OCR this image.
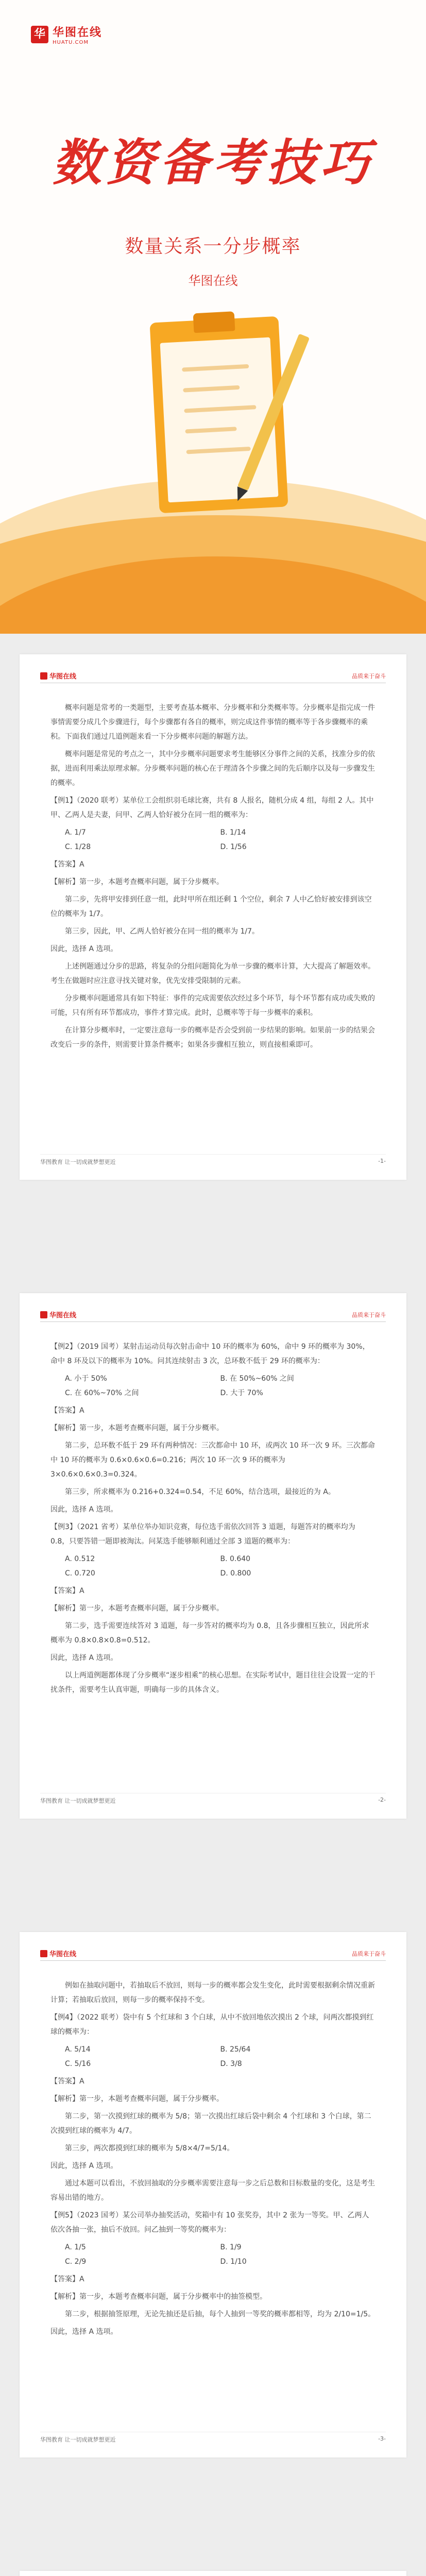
华 华图在线
HUATU.COM
数资备考技巧
数量关系一分步概率
华图在线
华图在线	品质来于奋斗

概率问题是常考的一类题型，主要考查基本概率、分步概率和分类概率等。分步概率是指完成一件事情需要分成几个步骤进行，每个步骤都有各自的概率，则完成这件事情的概率等于各步骤概率的乘积。下面我们通过几道例题来看一下分步概率问题的解题方法。

概率问题是常见的考点之一，其中分步概率问题要求考生能够区分事件之间的关系，找准分步的依据，进而利用乘法原理求解。分步概率问题的核心在于理清各个步骤之间的先后顺序以及每一步骤发生的概率。

【例1】（2020 联考）某单位工会组织羽毛球比赛，共有 8 人报名，随机分成 4 组，每组 2 人。其中甲、乙两人是夫妻，问甲、乙两人恰好被分在同一组的概率为：

A. 1/7	B. 1/14
C. 1/28	D. 1/56

【答案】A

【解析】第一步，本题考查概率问题，属于分步概率。

第二步，先将甲安排到任意一组，此时甲所在组还剩 1 个空位，剩余 7 人中乙恰好被安排到该空位的概率为 1/7。

第三步，因此，甲、乙两人恰好被分在同一组的概率为 1/7。

因此，选择 A 选项。

上述例题通过分步的思路，将复杂的分组问题简化为单一步骤的概率计算，大大提高了解题效率。考生在做题时应注意寻找关键对象，优先安排受限制的元素。

分步概率问题通常具有如下特征：事件的完成需要依次经过多个环节，每个环节都有成功或失败的可能，只有所有环节都成功，事件才算完成。此时，总概率等于每一步概率的乘积。

在计算分步概率时，一定要注意每一步的概率是否会受到前一步结果的影响。如果前一步的结果会改变后一步的条件，则需要计算条件概率；如果各步骤相互独立，则直接相乘即可。

华图教育 让一切成就梦想更近	-1-
华图在线	品质来于奋斗

【例2】（2019 国考）某射击运动员每次射击命中 10 环的概率为 60%，命中 9 环的概率为 30%，命中 8 环及以下的概率为 10%。问其连续射击 3 次，总环数不低于 29 环的概率为：

A. 小于 50%	B. 在 50%~60% 之间
C. 在 60%~70% 之间	D. 大于 70%

【答案】A

【解析】第一步，本题考查概率问题，属于分步概率。

第二步，总环数不低于 29 环有两种情况：三次都命中 10 环，或两次 10 环一次 9 环。三次都命中 10 环的概率为 0.6×0.6×0.6=0.216；两次 10 环一次 9 环的概率为 3×0.6×0.6×0.3=0.324。

第三步，所求概率为 0.216+0.324=0.54，不足 60%，结合选项，最接近的为 A。

因此，选择 A 选项。

【例3】（2021 省考）某单位举办知识竞赛，每位选手需依次回答 3 道题，每题答对的概率均为 0.8，只要答错一题即被淘汰。问某选手能够顺利通过全部 3 道题的概率为：

A. 0.512	B. 0.640
C. 0.720	D. 0.800

【答案】A

【解析】第一步，本题考查概率问题，属于分步概率。

第二步，选手需要连续答对 3 道题，每一步答对的概率均为 0.8，且各步骤相互独立，因此所求概率为 0.8×0.8×0.8=0.512。

因此，选择 A 选项。

以上两道例题都体现了分步概率“逐步相乘”的核心思想。在实际考试中，题目往往会设置一定的干扰条件，需要考生认真审题，明确每一步的具体含义。

华图教育 让一切成就梦想更近	-2-
华图在线	品质来于奋斗

例如在抽取问题中，若抽取后不放回，则每一步的概率都会发生变化，此时需要根据剩余情况重新计算；若抽取后放回，则每一步的概率保持不变。

【例4】（2022 联考）袋中有 5 个红球和 3 个白球，从中不放回地依次摸出 2 个球，问两次都摸到红球的概率为：

A. 5/14	B. 25/64
C. 5/16	D. 3/8

【答案】A

【解析】第一步，本题考查概率问题，属于分步概率。

第二步，第一次摸到红球的概率为 5/8；第一次摸出红球后袋中剩余 4 个红球和 3 个白球，第二次摸到红球的概率为 4/7。

第三步，两次都摸到红球的概率为 5/8×4/7=5/14。

因此，选择 A 选项。

通过本题可以看出，不放回抽取的分步概率需要注意每一步之后总数和目标数量的变化，这是考生容易出错的地方。

【例5】（2023 国考）某公司举办抽奖活动，奖箱中有 10 张奖券，其中 2 张为一等奖。甲、乙两人依次各抽一张，抽后不放回。问乙抽到一等奖的概率为：

A. 1/5	B. 1/9
C. 2/9	D. 1/10

【答案】A

【解析】第一步，本题考查概率问题，属于分步概率中的抽签模型。

第二步，根据抽签原理，无论先抽还是后抽，每个人抽到一等奖的概率都相等，均为 2/10=1/5。

因此，选择 A 选项。

华图教育 让一切成就梦想更近	-3-
